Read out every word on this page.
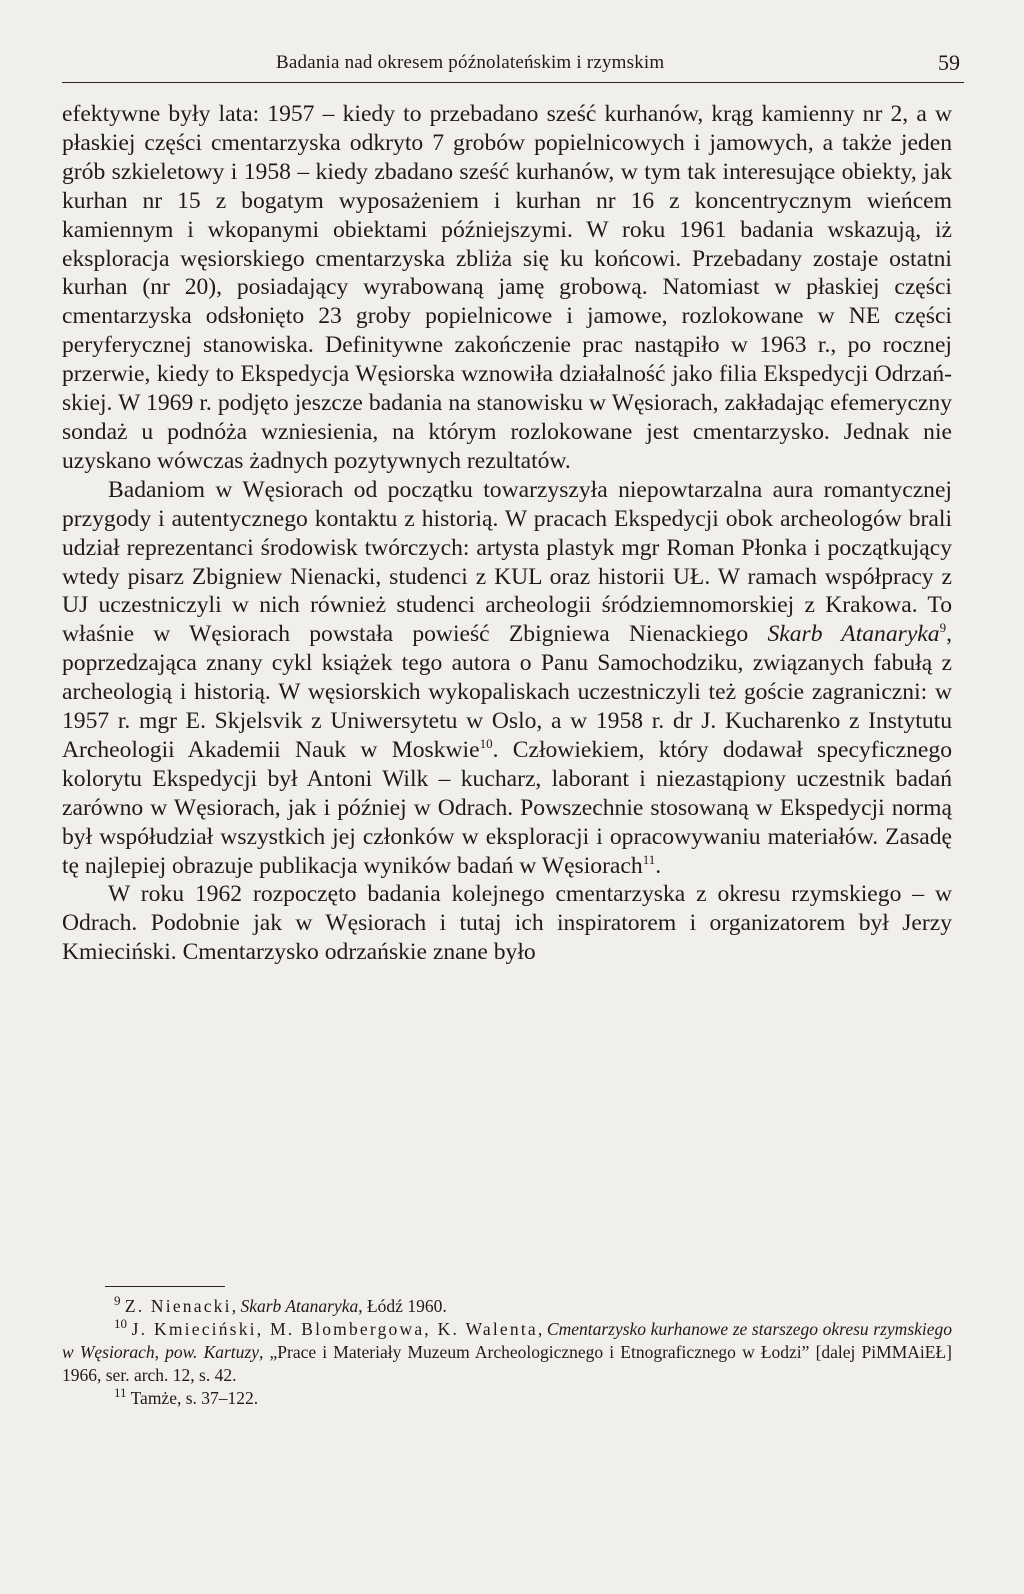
Badania nad okresem późnolateńskim i rzymskim	59

efektywne były lata: 1957 – kiedy to przebadano sześć kurhanów, krąg kamienny nr 2, a w płaskiej części cmentarzyska odkryto 7 grobów popielnicowych i jamowych, a także jeden grób szkieletowy i 1958 – kiedy zbadano sześć kurhanów, w tym tak interesujące obiekty, jak kurhan nr 15 z bogatym wyposażeniem i kurhan nr 16 z koncentrycznym wieńcem kamiennym i wkopanymi obiektami późniejszymi. W roku 1961 badania wskazują, iż eksploracja węsiorskiego cmentarzyska zbliża się ku końcowi. Przebadany zostaje ostatni kurhan (nr 20), posiadający wyrabowaną jamę grobową. Natomiast w płaskiej części cmentarzyska odsłonięto 23 groby popielnicowe i jamowe, rozlokowane w NE części peryferycznej stanowiska. Definitywne zakończenie prac nastąpiło w 1963 r., po rocznej przerwie, kiedy to Ekspedycja Węsiorska wznowiła działalność jako filia Ekspedycji Odrzańskiej. W 1969 r. podjęto jeszcze badania na stanowisku w Węsiorach, zakładając efemeryczny sondaż u podnóża wzniesienia, na którym rozlokowane jest cmentarzysko. Jednak nie uzyskano wówczas żadnych pozytywnych rezultatów.

Badaniom w Węsiorach od początku towarzyszyła niepowtarzalna aura romantycznej przygody i autentycznego kontaktu z historią. W pracach Ekspedycji obok archeologów brali udział reprezentanci środowisk twórczych: artysta plastyk mgr Roman Płonka i początkujący wtedy pisarz Zbigniew Nienacki, studenci z KUL oraz historii UŁ. W ramach współpracy z UJ uczestniczyli w nich również studenci archeologii śródziemnomorskiej z Krakowa. To właśnie w Węsiorach powstała powieść Zbigniewa Nienackiego Skarb Atanaryka$^9$, poprzedzająca znany cykl książek tego autora o Panu Samochodziku, związanych fabułą z archeologią i historią. W węsiorskich wykopaliskach uczestniczyli też goście zagraniczni: w 1957 r. mgr E. Skjelsvik z Uniwersytetu w Oslo, a w 1958 r. dr J. Kucharenko z Instytutu Archeologii Akademii Nauk w Moskwie$^{10}$. Człowiekiem, który dodawał specyficznego kolorytu Ekspedycji był Antoni Wilk – kucharz, laborant i niezastąpiony uczestnik badań zarówno w Węsiorach, jak i później w Odrach. Powszechnie stosowaną w Ekspedycji normą był współudział wszystkich jej członków w eksploracji i opracowywaniu materiałów. Zasadę tę najlepiej obrazuje publikacja wyników badań w Węsiorach$^{11}$.

W roku 1962 rozpoczęto badania kolejnego cmentarzyska z okresu rzymskiego – w Odrach. Podobnie jak w Węsiorach i tutaj ich inspiratorem i organizatorem był Jerzy Kmieciński. Cmentarzysko odrzańskie znane było

$^9$ Z. Nienacki, Skarb Atanaryka, Łódź 1960.

$^{10}$ J. Kmieciński, M. Blombergowa, K. Walenta, Cmentarzysko kurhanowe ze starszego okresu rzymskiego w Węsiorach, pow. Kartuzy, „Prace i Materiały Muzeum Archeologicznego i Etnograficznego w Łodzi” [dalej PiMMAiEŁ] 1966, ser. arch. 12, s. 42.

$^{11}$ Tamże, s. 37–122.
